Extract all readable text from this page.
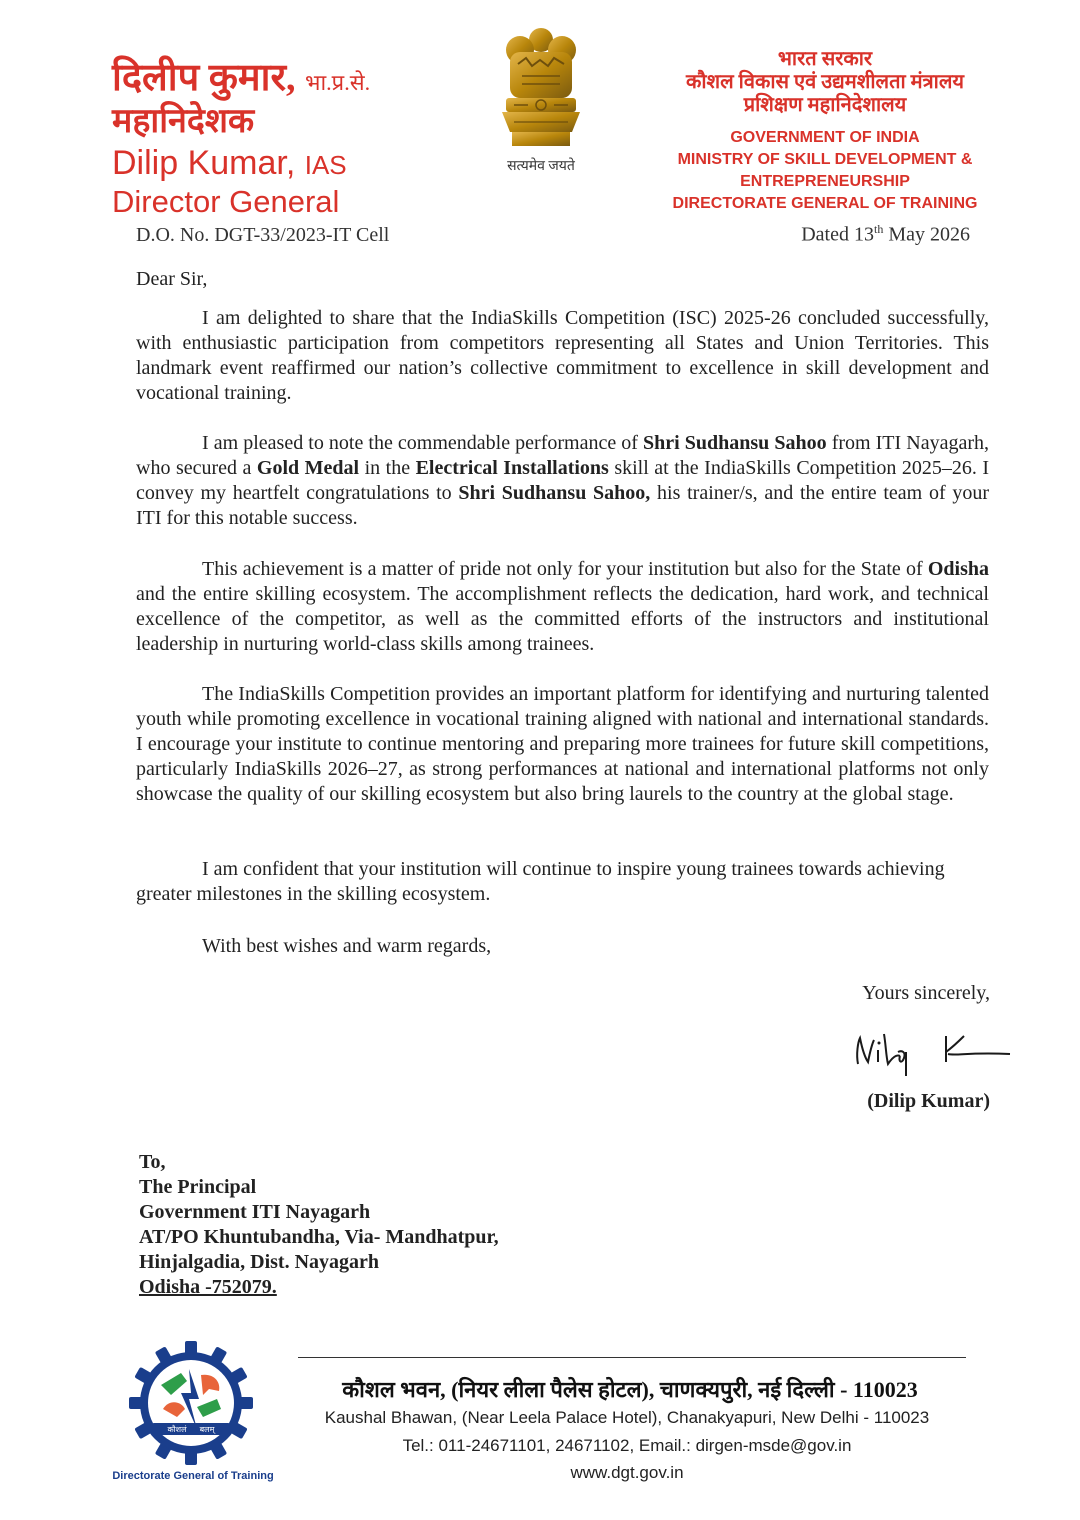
दिलीप कुमार, भा.प्र.से.
महानिदेशक
Dilip Kumar, IAS
Director General
D.O. No. DGT-33/2023-IT Cell
सत्यमेव जयते
भारत सरकार
कौशल विकास एवं उद्यमशीलता मंत्रालय
प्रशिक्षण महानिदेशालय
GOVERNMENT OF INDIA
MINISTRY OF SKILL DEVELOPMENT &
ENTREPRENEURSHIP
DIRECTORATE GENERAL OF TRAINING
Dated 13th May 2026
Dear Sir,

I am delighted to share that the IndiaSkills Competition (ISC) 2025-26 concluded successfully, with enthusiastic participation from competitors representing all States and Union Territories. This landmark event reaffirmed our nation’s collective commitment to excellence in skill development and vocational training.

I am pleased to note the commendable performance of Shri Sudhansu Sahoo from ITI Nayagarh, who secured a Gold Medal in the Electrical Installations skill at the IndiaSkills Competition 2025–26. I convey my heartfelt congratulations to Shri Sudhansu Sahoo, his trainer/s, and the entire team of your ITI for this notable success.

This achievement is a matter of pride not only for your institution but also for the State of Odisha and the entire skilling ecosystem. The accomplishment reflects the dedication, hard work, and technical excellence of the competitor, as well as the committed efforts of the instructors and institutional leadership in nurturing world-class skills among trainees.

The IndiaSkills Competition provides an important platform for identifying and nurturing talented youth while promoting excellence in vocational training aligned with national and international standards. I encourage your institute to continue mentoring and preparing more trainees for future skill competitions, particularly IndiaSkills 2026–27, as strong performances at national and international platforms not only showcase the quality of our skilling ecosystem but also bring laurels to the country at the global stage.

I am confident that your institution will continue to inspire young trainees towards achieving greater milestones in the skilling ecosystem.

With best wishes and warm regards,

Yours sincerely,
(Dilip Kumar)
To,
The Principal
Government ITI Nayagarh
AT/PO Khuntubandha, Via- Mandhatpur,
Hinjalgadia, Dist. Nayagarh
Odisha -752079.
कौशलं बलम्
Directorate General of Training
कौशल भवन, (नियर लीला पैलेस होटल), चाणक्यपुरी, नई दिल्ली - 110023
Kaushal Bhawan, (Near Leela Palace Hotel), Chanakyapuri, New Delhi - 110023
Tel.: 011-24671101, 24671102, Email.: dirgen-msde@gov.in
www.dgt.gov.in
